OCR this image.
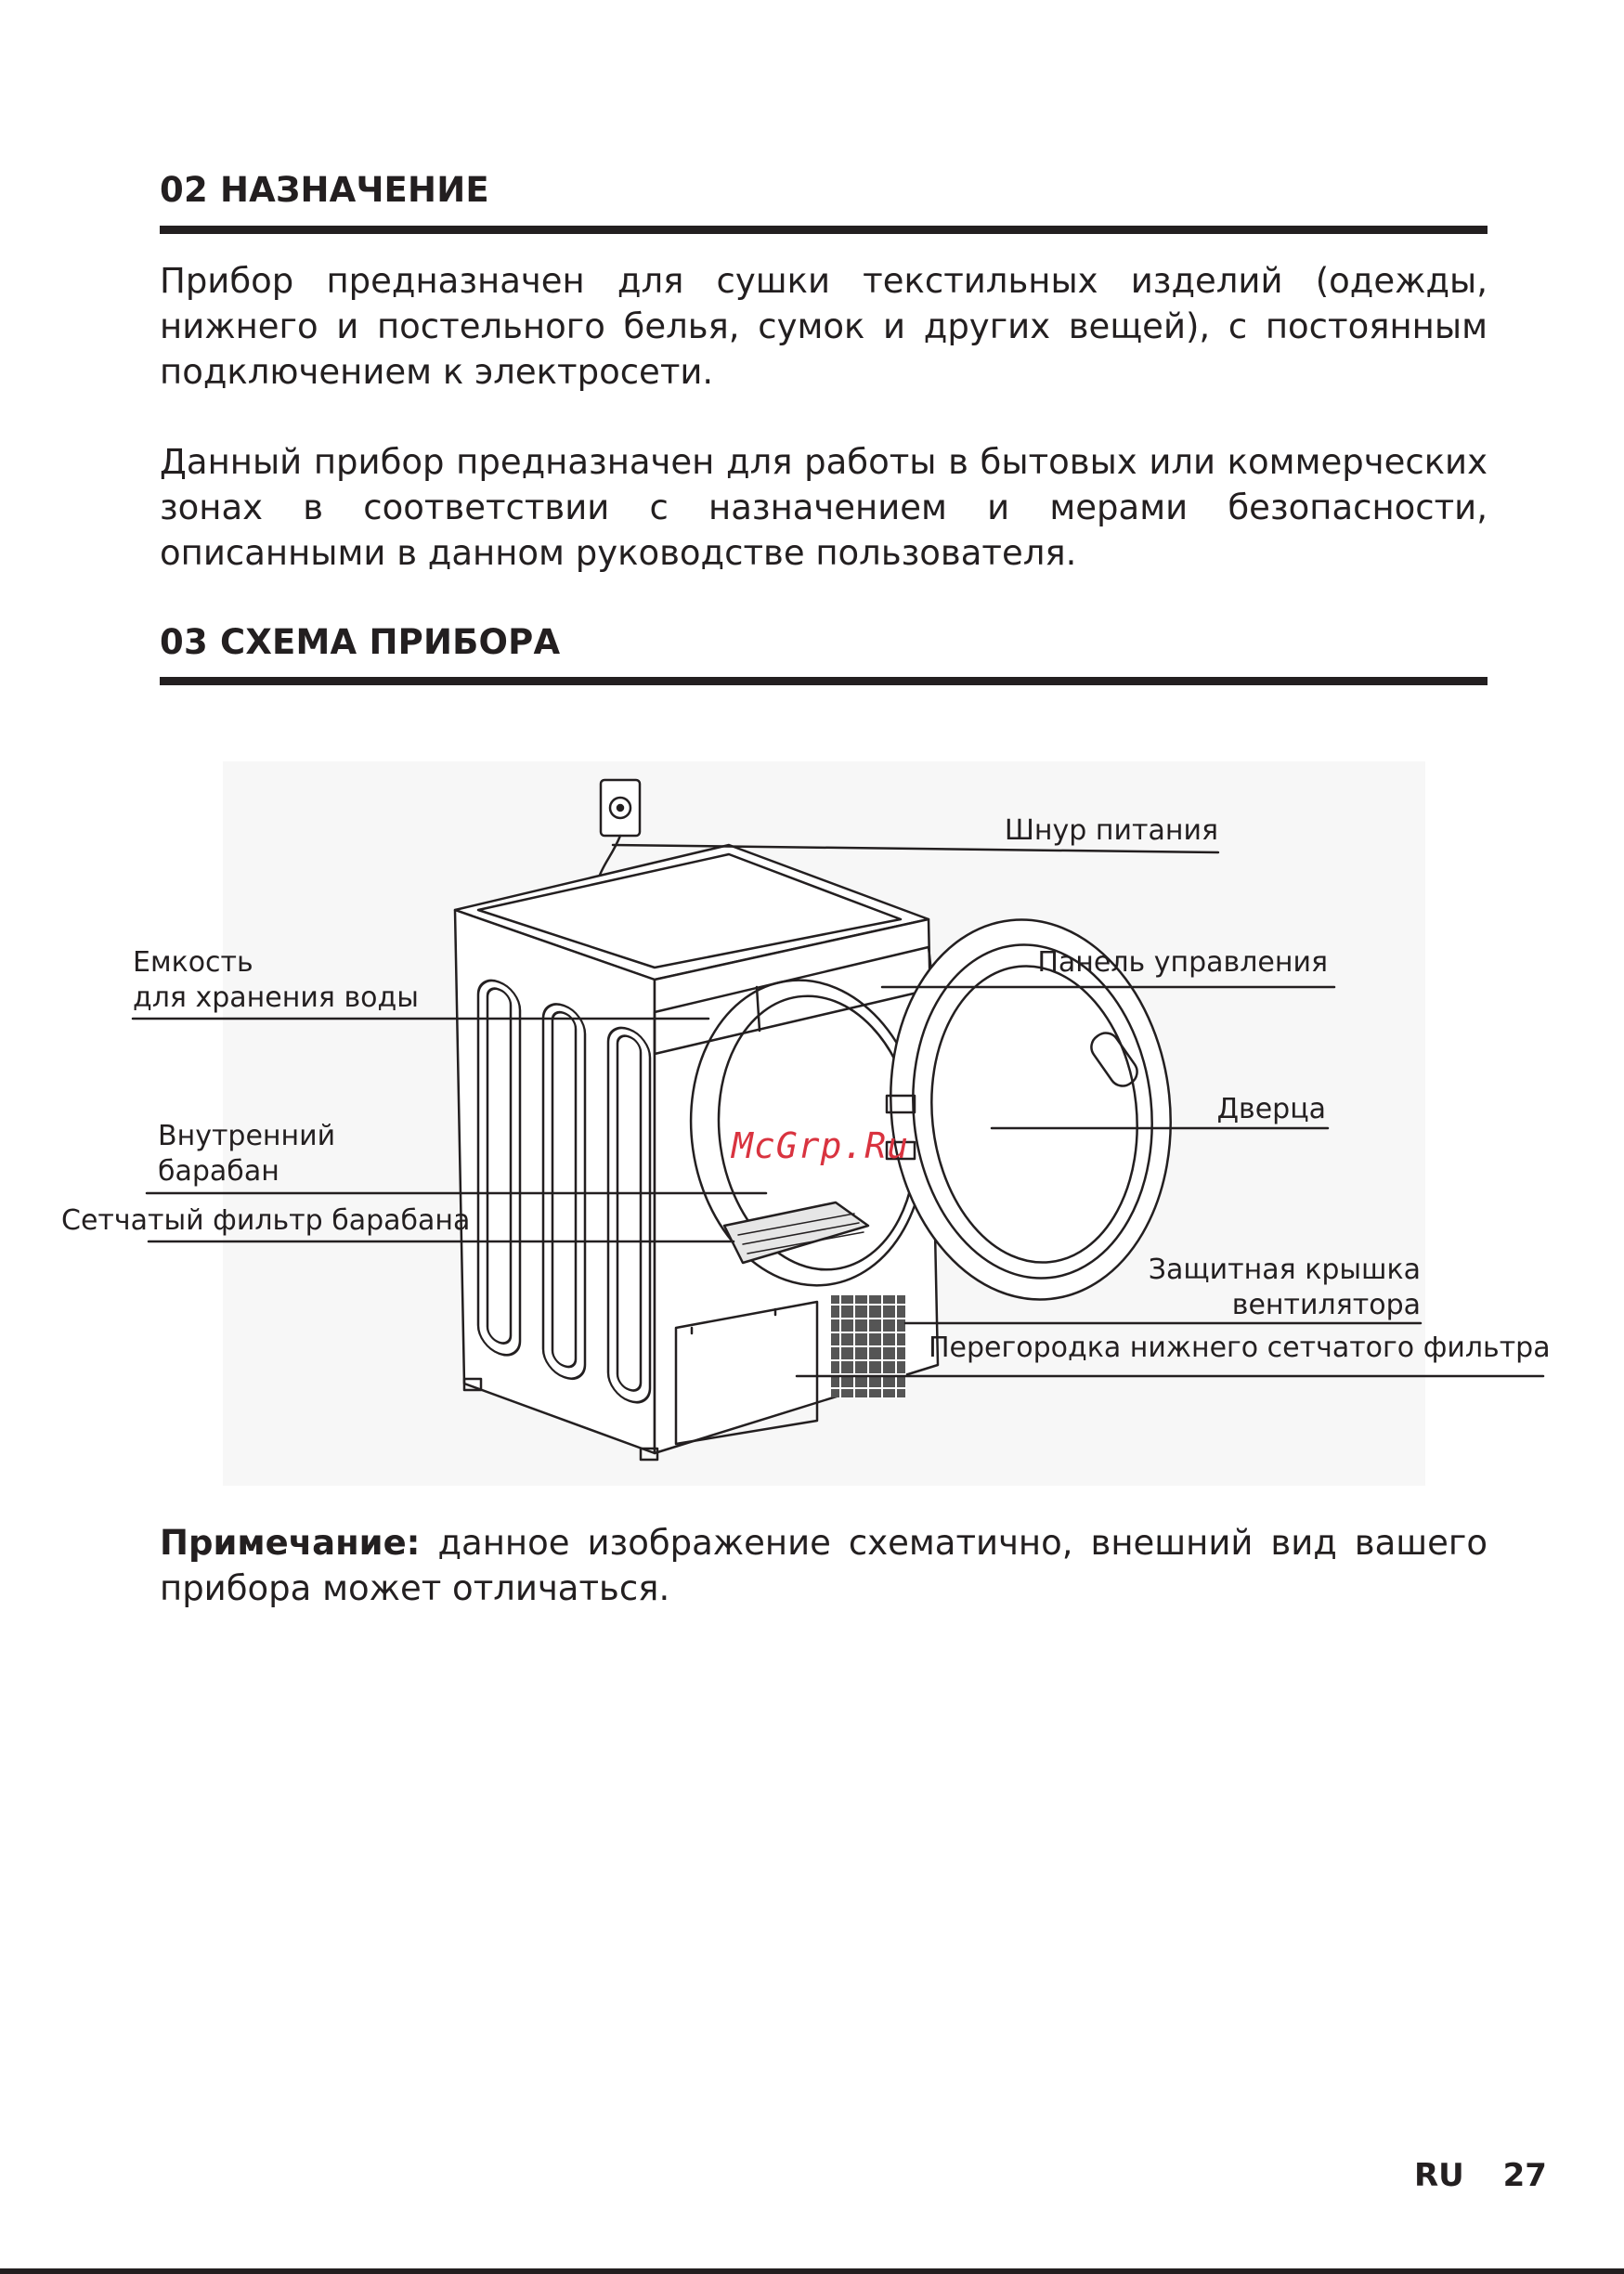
02 НАЗНАЧЕНИЕ

Прибор предназначен для сушки текстильных изделий (одежды, нижнего и постельного белья, сумок и других вещей), с постоянным подключением к электросети.

Данный прибор предназначен для работы в бытовых или коммерческих зонах в соответствии с назначением и мерами безопасности, описанными в данном руководстве пользователя.

03 СХЕМА ПРИБОРА
Шнур питания
Панель управления
Дверца
Емкость
для хранения воды
Внутренний
барабан
Сетчатый фильтр барабана
Защитная крышка
вентилятора
Перегородка нижнего сетчатого фильтра
McGrp.Ru

Примечание: данное изображение схематично, внешний вид вашего прибора может отличаться.

RU 27
